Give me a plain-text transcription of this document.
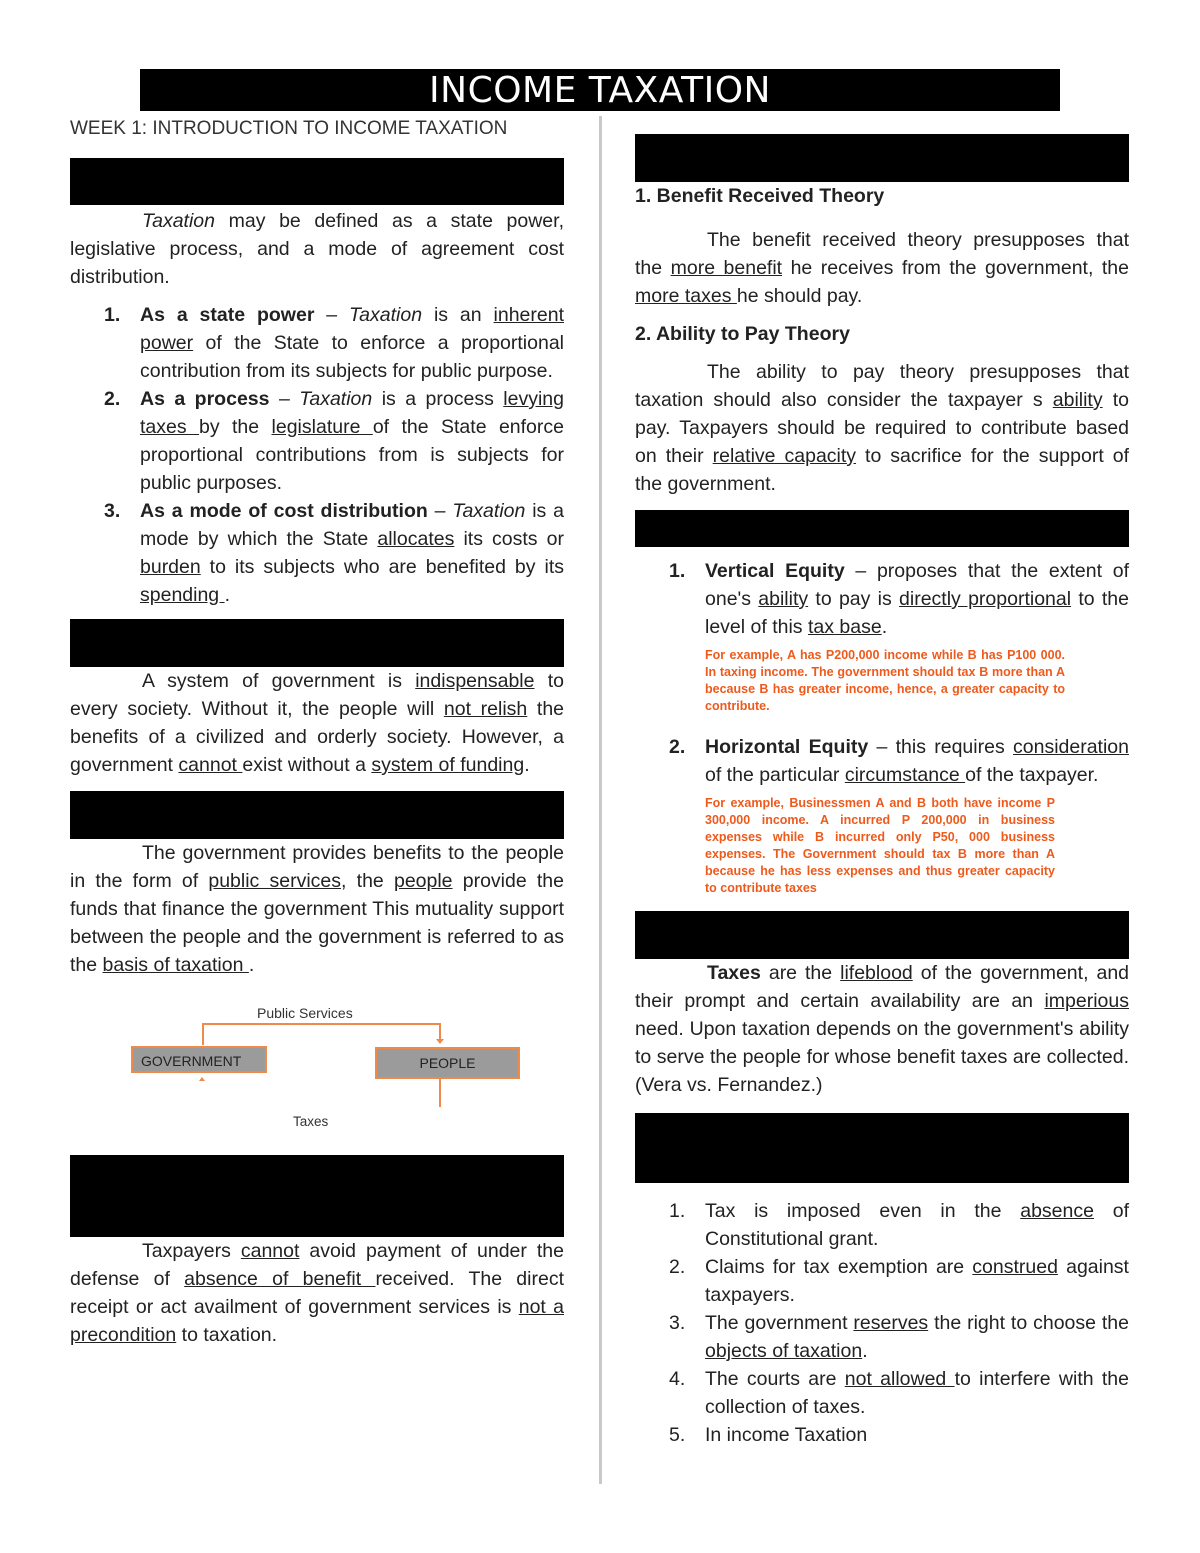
INCOME TAXATION
WEEK 1: INTRODUCTION TO INCOME TAXATION

Taxation may be defined as a state power, legislative process, and a mode of agreement cost distribution.

1. As a state power – Taxation is an inherent power of the State to enforce a proportional contribution from its subjects for public purpose.
2. As a process – Taxation is a process levying taxes by the legislature of the State enforce proportional contributions from is subjects for public purposes.
3. As a mode of cost distribution – Taxation is a mode by which the State allocates its costs or burden to its subjects who are benefited by its spending .

A system of government is indispensable to every society. Without it, the people will not relish the benefits of a civilized and orderly society. However, a government cannot exist without a system of funding.

The government provides benefits to the people in the form of public services, the people provide the funds that finance the government This mutuality support between the people and the government is referred to as the basis of taxation .

Public Services
GOVERNMENT	PEOPLE
Taxes

Taxpayers cannot avoid payment of under the defense of absence of benefit received. The direct receipt or act availment of government services is not a precondition to taxation.

1. Benefit Received Theory

The benefit received theory presupposes that the more benefit he receives from the government, the more taxes he should pay.

2. Ability to Pay Theory

The ability to pay theory presupposes that taxation should also consider the taxpayer s ability to pay. Taxpayers should be required to contribute based on their relative capacity to sacrifice for the support of the government.

1. Vertical Equity – proposes that the extent of one's ability to pay is directly proportional to the level of this tax base.
For example, A has P200,000 income while B has P100 000. In taxing income. The government should tax B more than A because B has greater income, hence, a greater capacity to contribute.
2. Horizontal Equity – this requires consideration of the particular circumstance of the taxpayer.
For example, Businessmen A and B both have income P 300,000 income. A incurred P 200,000 in business expenses while B incurred only P50, 000 business expenses. The Government should tax B more than A because he has less expenses and thus greater capacity to contribute taxes

Taxes are the lifeblood of the government, and their prompt and certain availability are an imperious need. Upon taxation depends on the government's ability to serve the people for whose benefit taxes are collected. (Vera vs. Fernandez.)

1. Tax is imposed even in the absence of Constitutional grant.
2. Claims for tax exemption are construed against taxpayers.
3. The government reserves the right to choose the objects of taxation.
4. The courts are not allowed to interfere with the collection of taxes.
5. In income Taxation
